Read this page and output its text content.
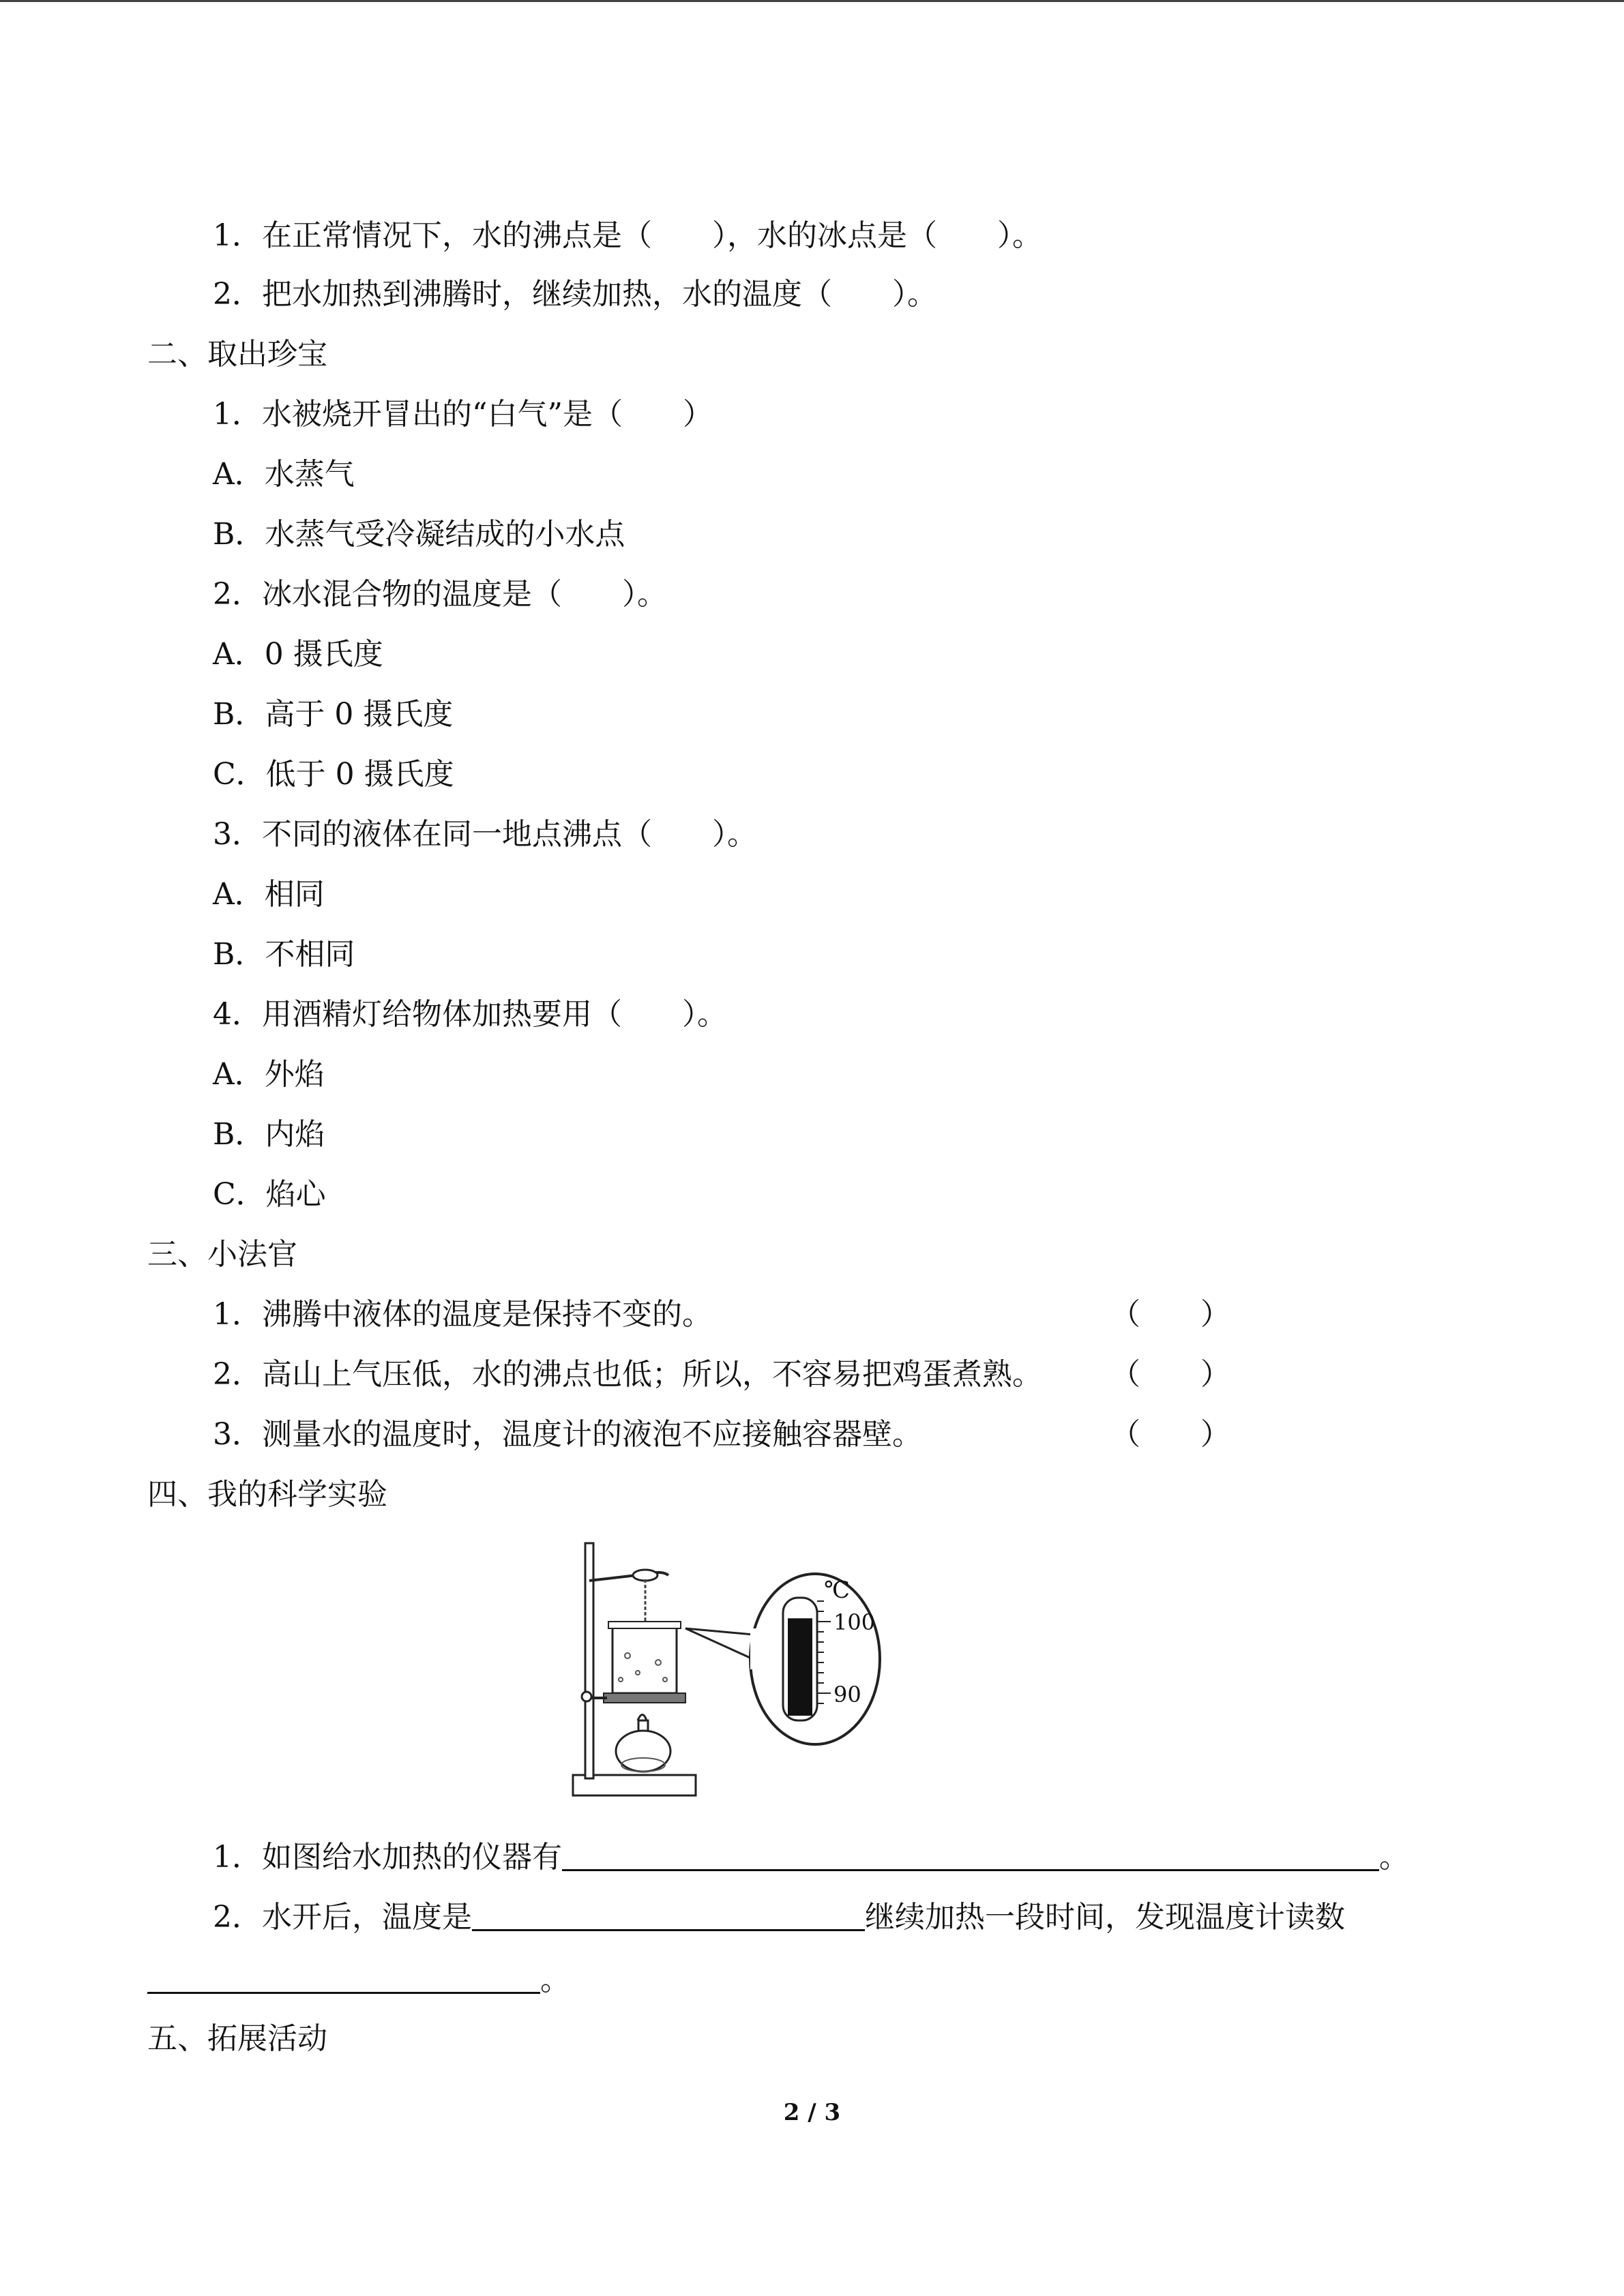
1．在正常情况下，水的沸点是（　　），水的冰点是（　　）。
2．把水加热到沸腾时，继续加热，水的温度（　　）。
二、取出珍宝
1．水被烧开冒出的“白气”是（　　）
A．水蒸气
B．水蒸气受冷凝结成的小水点
2．冰水混合物的温度是（　　）。
A．0 摄氏度
B．高于 0 摄氏度
C．低于 0 摄氏度
3．不同的液体在同一地点沸点（　　）。
A．相同
B．不相同
4．用酒精灯给物体加热要用（　　）。
A．外焰
B．内焰
C．焰心
三、小法官
1．沸腾中液体的温度是保持不变的。	（　　）
2．高山上气压低，水的沸点也低；所以，不容易把鸡蛋煮熟。 （　　）
3．测量水的温度时，温度计的液泡不应接触容器壁。	（　　）
四、我的科学实验
℃
100
90
1．如图给水加热的仪器有	。
2．水开后，温度是	继续加热一段时间，发现温度计读数
。
五、拓展活动
2 / 3
